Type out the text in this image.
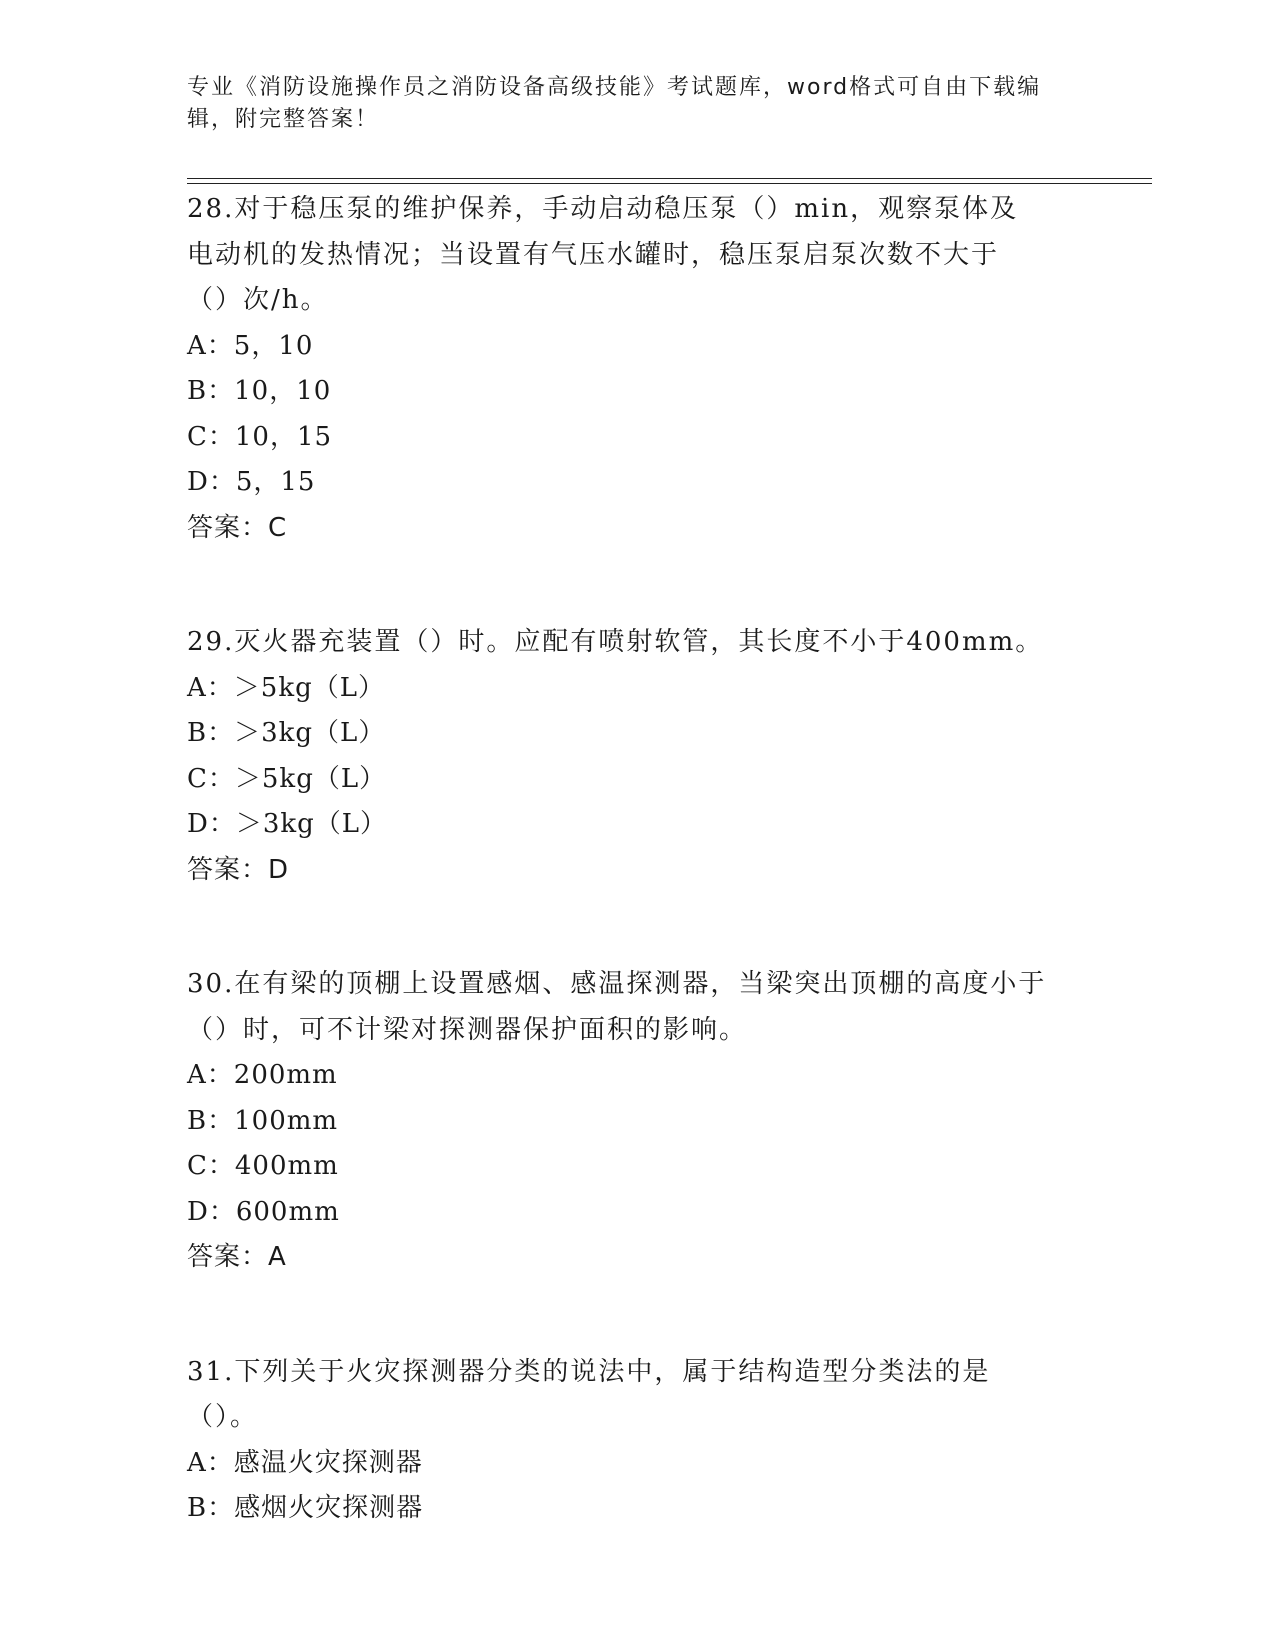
专业《消防设施操作员之消防设备高级技能》考试题库，word格式可自由下载编辑，附完整答案！

28.对于稳压泵的维护保养，手动启动稳压泵（）min，观察泵体及电动机的发热情况；当设置有气压水罐时，稳压泵启泵次数不大于（）次/h。

A：5，10

B：10，10

C：10，15

D：5，15

答案：C

29.灭火器充装置（）时。应配有喷射软管，其长度不小于400mm。

A：＞5kg（L）

B：＞3kg（L）

C：＞5kg（L）

D：＞3kg（L）

答案：D

30.在有梁的顶棚上设置感烟、感温探测器，当梁突出顶棚的高度小于（）时，可不计梁对探测器保护面积的影响。

A：200mm

B：100mm

C：400mm

D：600mm

答案：A

31.下列关于火灾探测器分类的说法中，属于结构造型分类法的是（）。

A：感温火灾探测器

B：感烟火灾探测器
